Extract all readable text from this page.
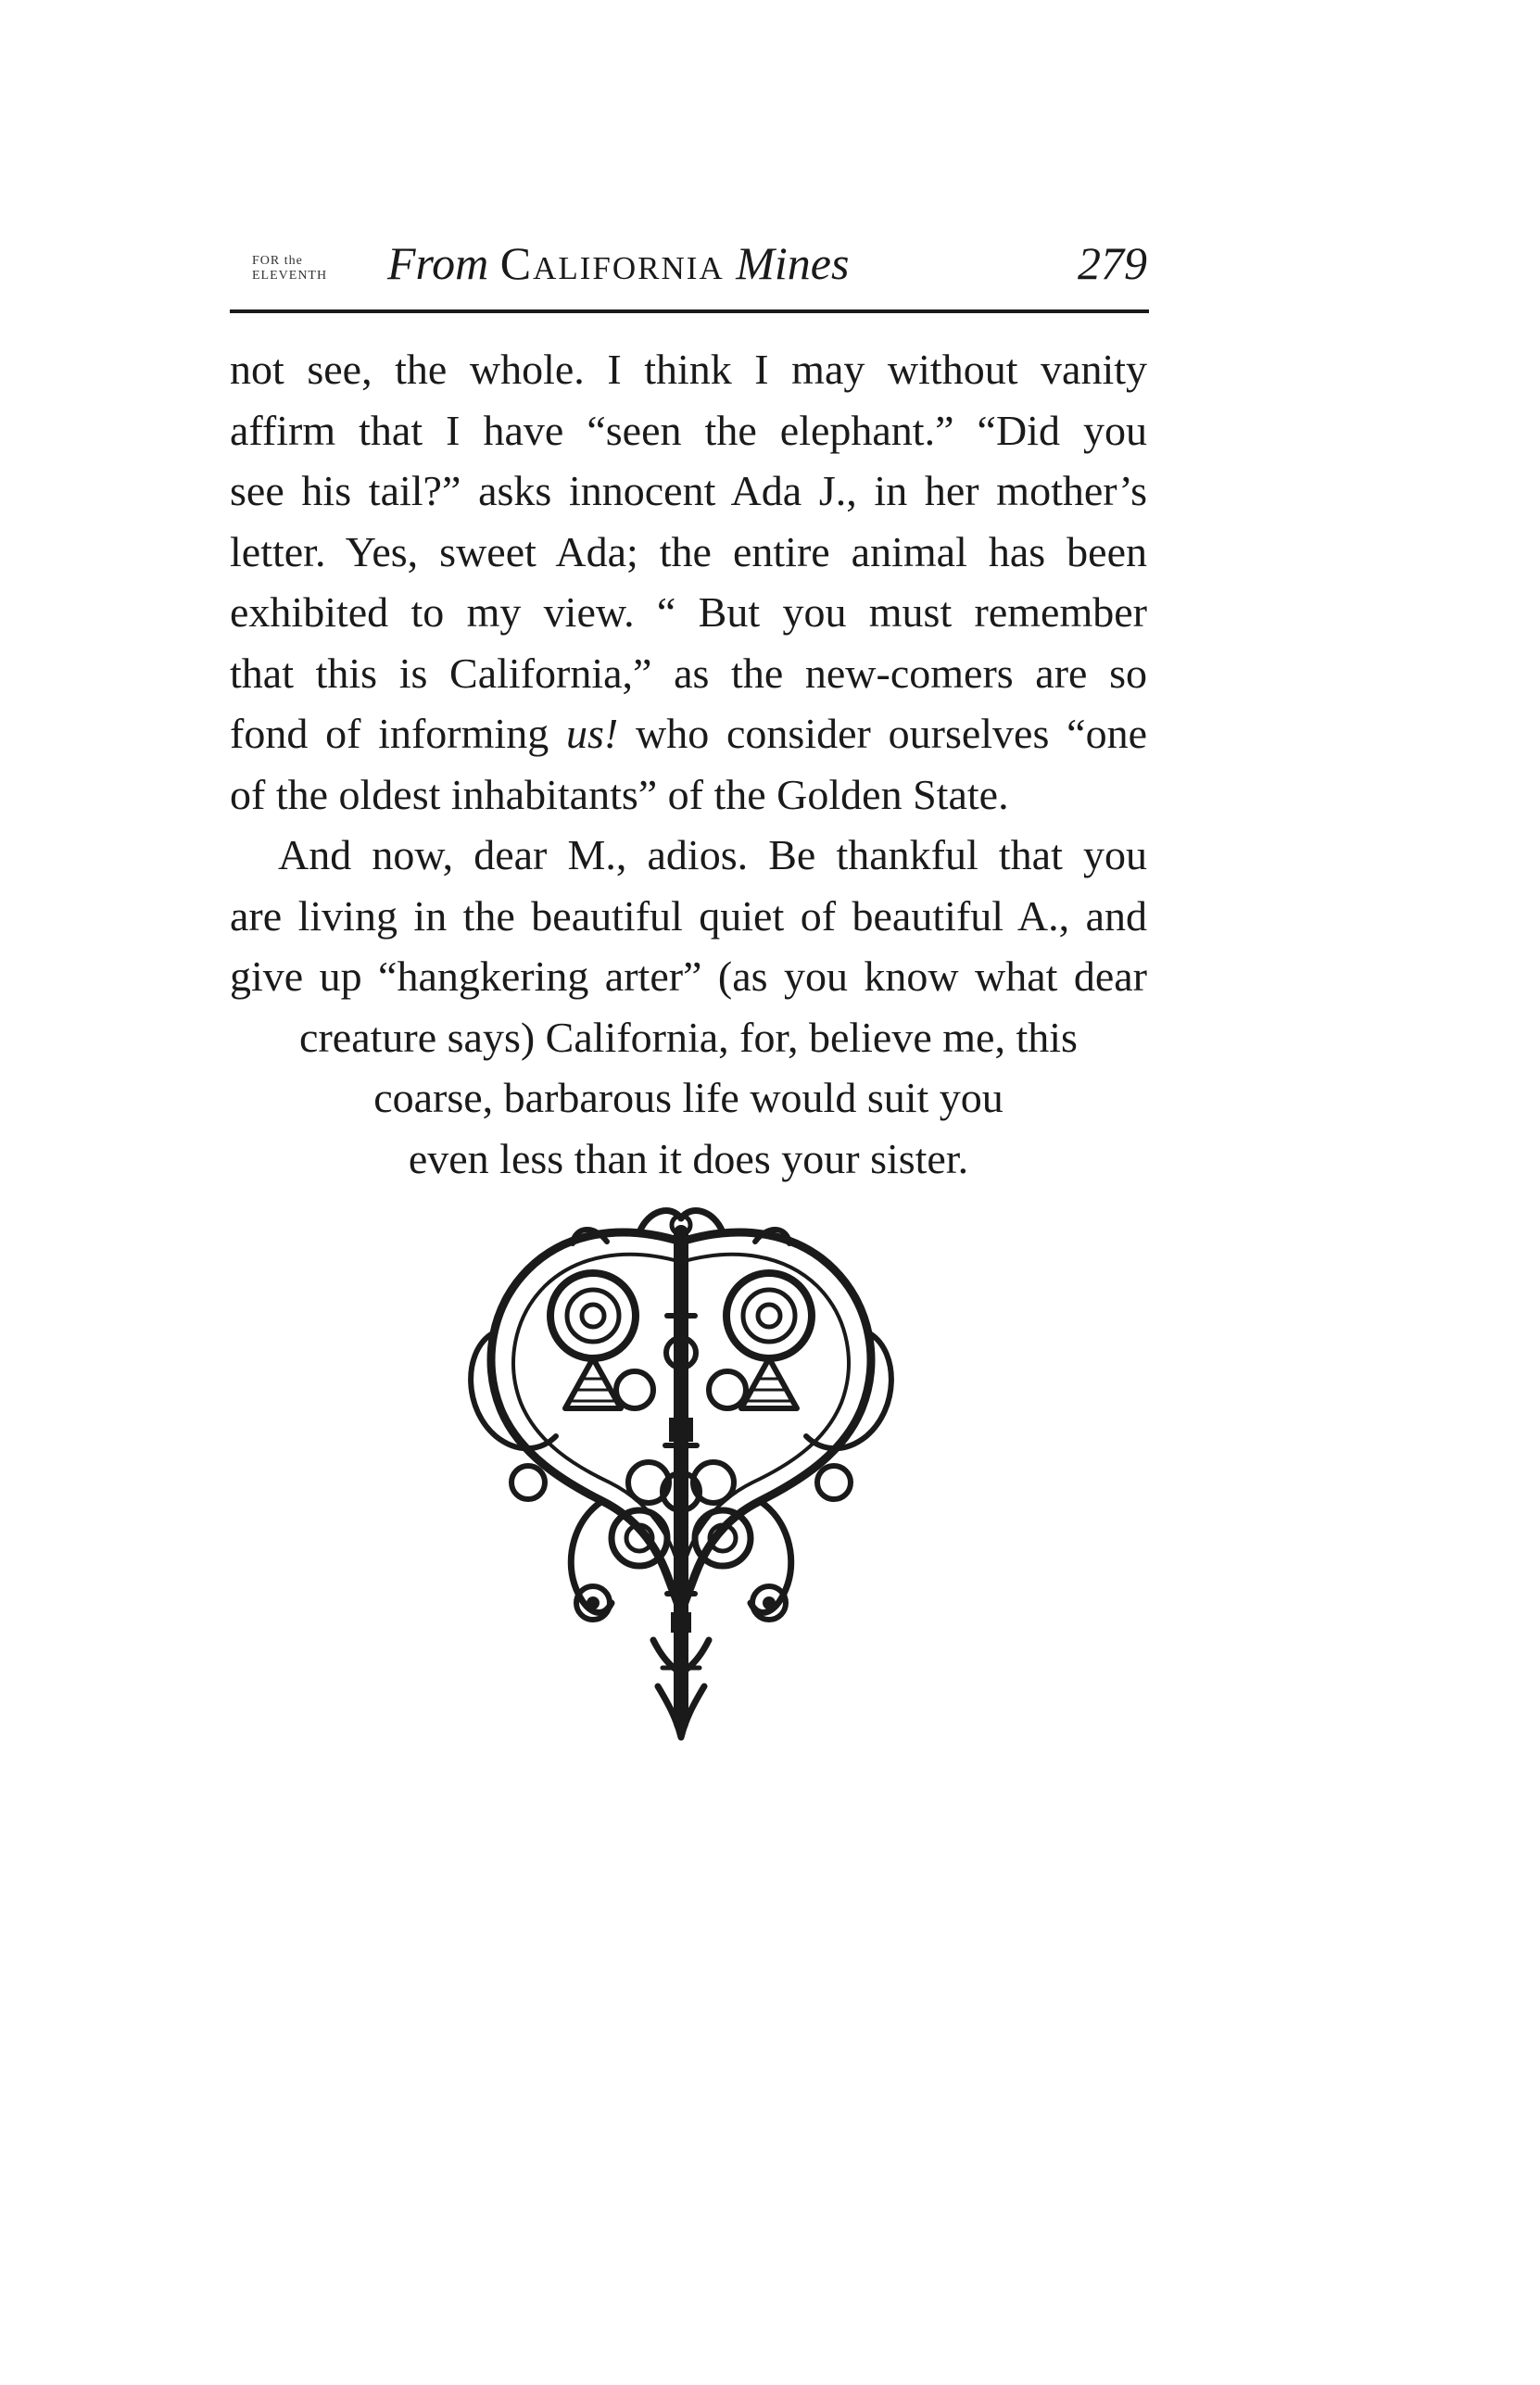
FOR the
ELEVENTH	From California Mines	279
not see, the whole. I think I may without vanity
affirm that I have “seen the elephant.” “Did you
see his tail?” asks innocent Ada J., in her mother’s
letter. Yes, sweet Ada; the entire animal has been
exhibited to my view. “ But you must remember
that this is California,” as the new-comers are so
fond of informing us! who consider ourselves “one
of the oldest inhabitants” of the Golden State.
And now, dear M., adios. Be thankful that you
are living in the beautiful quiet of beautiful A., and
give up “hangkering arter” (as you know what dear
creature says) California, for, believe me, this
coarse, barbarous life would suit you
even less than it does your sister.
